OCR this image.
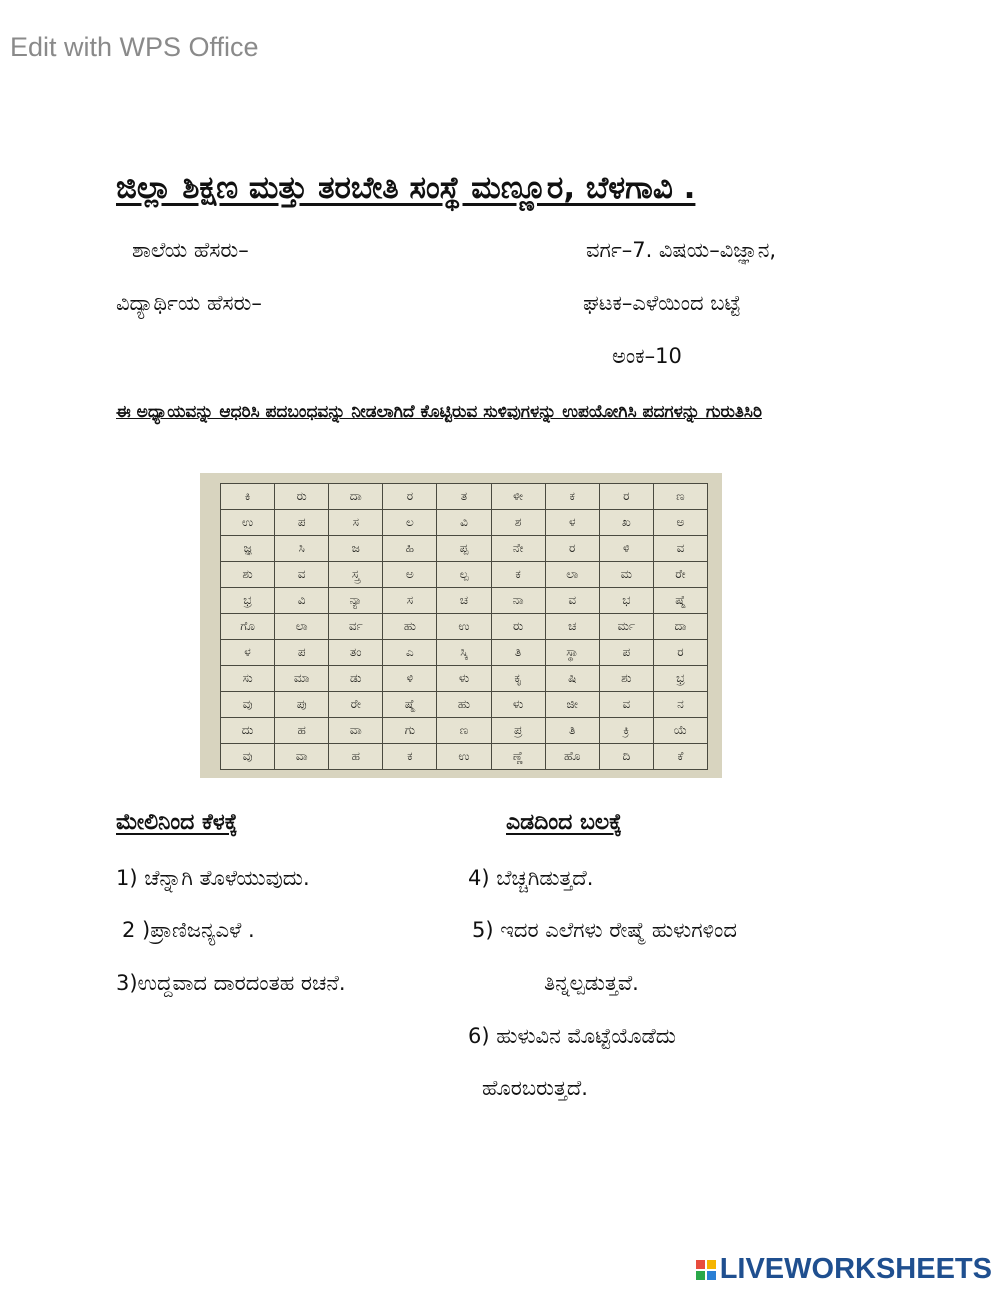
Edit with WPS Office
ಜಿಲ್ಲಾ ಶಿಕ್ಷಣ ಮತ್ತು ತರಬೇತಿ ಸಂಸ್ಥೆ ಮಣ್ಣೂರ, ಬೆಳಗಾವಿ .
ಶಾಲೆಯ ಹೆಸರು–	ವರ್ಗ–7. ವಿಷಯ–ವಿಜ್ಞಾನ,
ವಿದ್ಯಾರ್ಥಿಯ ಹೆಸರು–	ಘಟಕ–ಎಳೆಯಿಂದ ಬಟ್ಟೆ
ಅಂಕ–10
ಈ ಅಧ್ಯಾಯವನ್ನು ಆಧರಿಸಿ ಪದಬಂಧವನ್ನು ನೀಡಲಾಗಿದೆ ಕೊಟ್ಟಿರುವ ಸುಳಿವುಗಳನ್ನು ಉಪಯೋಗಿಸಿ ಪದಗಳನ್ನು ಗುರುತಿಸಿರಿ
ಕಿ	ರು	ದಾ	ರ	ತ	ಳೀ	ಕ	ರ	ಣ
ಉ	ಪ	ಸ	ಲ	ವಿ	ಶ	ಳ	ಖ	ಅ
ಜ್ಞ	ಸಿ	ಜ	ಹಿ	ಪ್ಪ	ನೇ	ರ	ಳಿ	ವ
ಶು	ವ	ಸ್ತ್ರ	ಅ	ಲ್ಪ	ಕ	ಲಾ	ಮ	ರೇ
ಭ್ರ	ವಿ	ನ್ಯಾ	ಸ	ಚ	ನಾ	ವ	ಭ	ಷ್ಮೆ
ಗೊ	ಲಾ	ರ್ವ	ಹು	ಉ	ರು	ಚ	ರ್ಮ	ದಾ
ಳ	ಪ	ತಂ	ಎ	ಸ್ಕಿ	ತಿ	ಸ್ಥಾ	ಪ	ರ
ಸು	ಮಾ	ಡು	ಳಿ	ಳು	ಕೃ	ಷಿ	ಶು	ಭ್ರ
ವು	ಪು	ರೇ	ಷ್ಮೆ	ಹು	ಳು	ಜೀ	ವ	ನ
ದು	ಹ	ವಾ	ಗು	ಣ	ಪ್ರ	ತಿ	ಕ್ರಿ	ಯೆ
ವು	ವಾ	ಹ	ಕ	ಉ	ಣ್ಣೆ	ಹೊ	ದಿ	ಕೆ
ಮೇಲಿನಿಂದ ಕೆಳಕ್ಕೆ	ಎಡದಿಂದ ಬಲಕ್ಕೆ
1) ಚೆನ್ನಾಗಿ ತೊಳೆಯುವುದು.
2 )ಪ್ರಾಣಿಜನ್ಯಎಳೆ .
3)ಉದ್ದವಾದ ದಾರದಂತಹ ರಚನೆ.
4) ಬೆಚ್ಚಗಿಡುತ್ತದೆ.
5) ಇದರ ಎಲೆಗಳು ರೇಷ್ಮೆ ಹುಳುಗಳಿಂದ
ತಿನ್ನಲ್ಪಡುತ್ತವೆ.
6) ಹುಳುವಿನ ಮೊಟ್ಟೆಯೊಡೆದು
ಹೊರಬರುತ್ತದೆ.
LIVEWORKSHEETS
